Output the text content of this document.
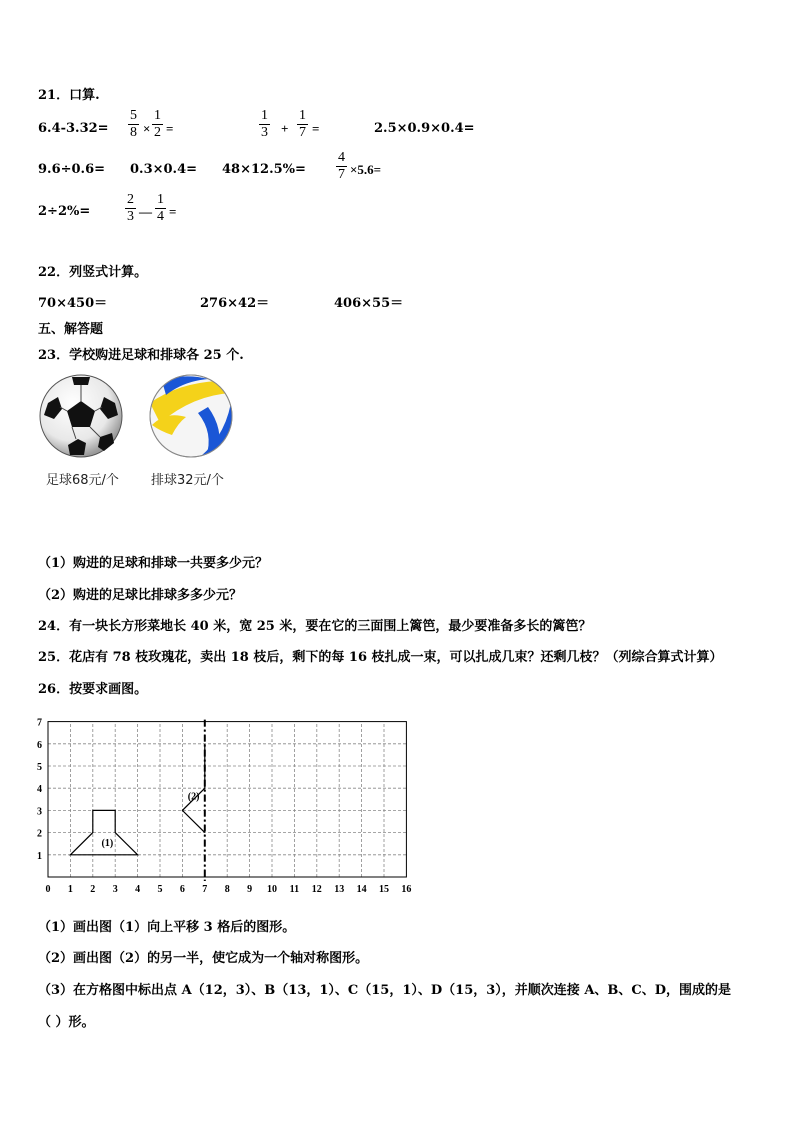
21．口算.
$6.4-3.32= \frac{5}{8} \times \frac{1}{2}$ =	$\frac{1}{3} + \frac{1}{7}$ =	2.5×0.9×0.4=
$9.6\div 0.6= 0.3\times 0.4= 48\times 12.5\%= \frac{4}{7} \times 5.6=$
$2\div 2\%= \frac{2}{3}$ — $\frac{1}{4}$ =
22．列竖式计算。
70×450＝	276×42＝	406×55＝
五、解答题
23．学校购进足球和排球各 25 个.
足球68元/个 排球32元/个
（1）购进的足球和排球一共要多少元？
（2）购进的足球比排球多多少元？
24．有一块长方形菜地长 40 米，宽 25 米，要在它的三面围上篱笆，最少要准备多长的篱笆？
25．花店有 78 枝玫瑰花，卖出 18 枝后，剩下的每 16 枝扎成一束，可以扎成几束？还剩几枝？（列综合算式计算）
26．按要求画图。
0 1 2 3 4 5 6 7 8 9 10 11 12 13 14 15 16
1
2
3
4
5
6
7
(1)
(2)
（1）画出图（1）向上平移 3 格后的图形。
（2）画出图（2）的另一半，使它成为一个轴对称图形。
（3）在方格图中标出点 A（12，3）、B（13，1）、C（15，1）、D（15，3），并顺次连接 A、B、C、D，围成的是
（ ）形。
